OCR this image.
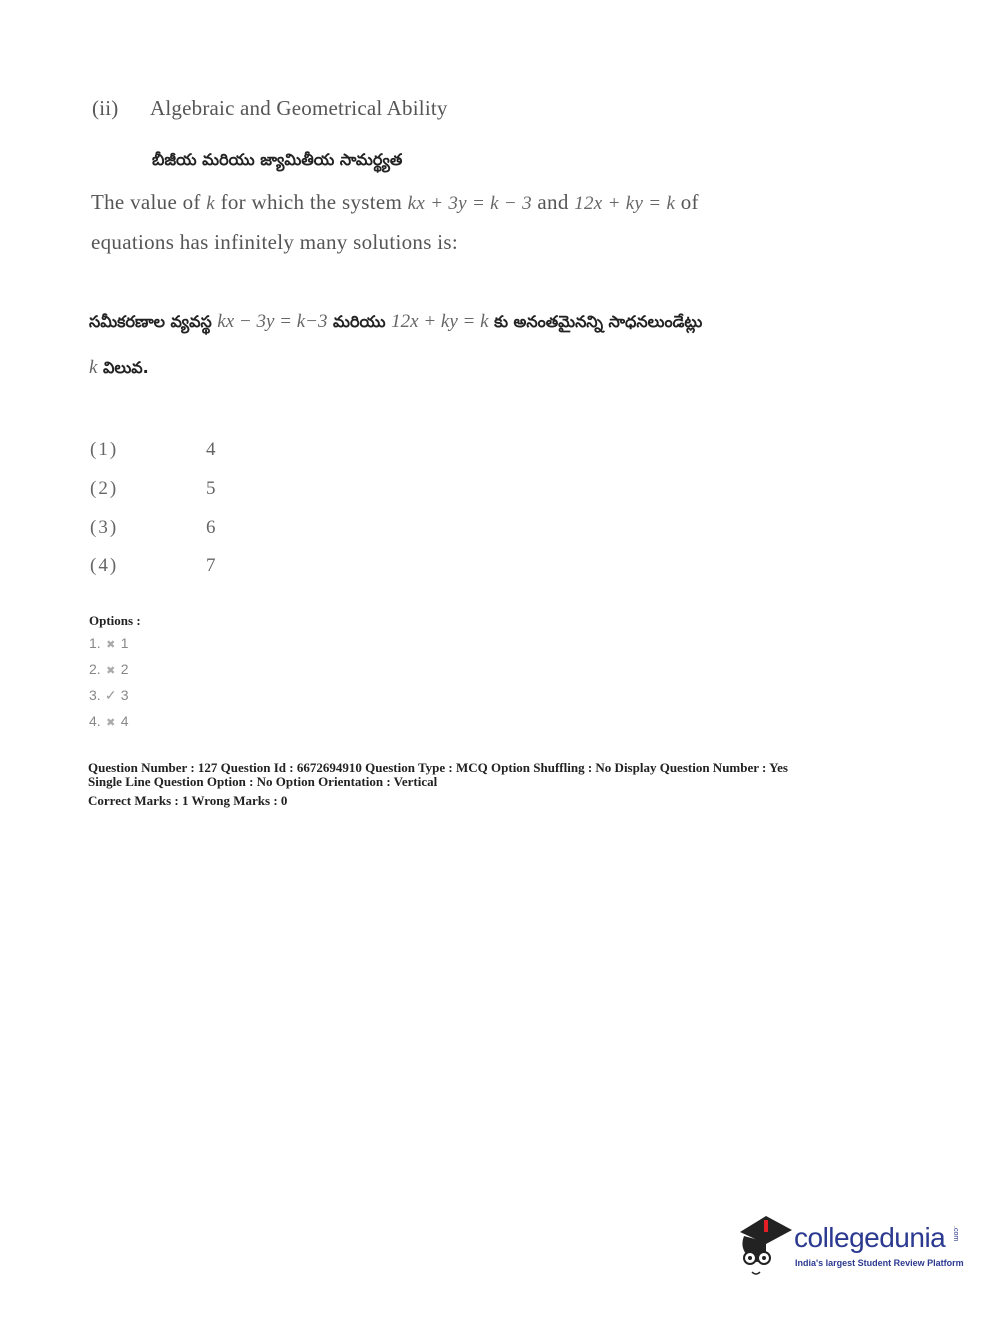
(ii) Algebraic and Geometrical Ability
బీజీయ మరియు జ్యామితీయ సామర్థ్యత
The value of k for which the system kx + 3y = k − 3 and 12x + ky = k of
equations has infinitely many solutions is:
సమీకరణాల వ్యవస్థ kx − 3y = k−3 మరియు 12x + ky = k కు అనంతమైనన్ని సాధనలుండేట్లు
k విలువ.
(1)	4
(2)	5
(3)	6
(4)	7
Options :
1. ✖ 1
2. ✖ 2
3. ✓ 3
4. ✖ 4
Question Number : 127 Question Id : 6672694910 Question Type : MCQ Option Shuffling : No Display Question Number : Yes
Single Line Question Option : No Option Orientation : Vertical
Correct Marks : 1 Wrong Marks : 0
collegedunia .com
India's largest Student Review Platform
